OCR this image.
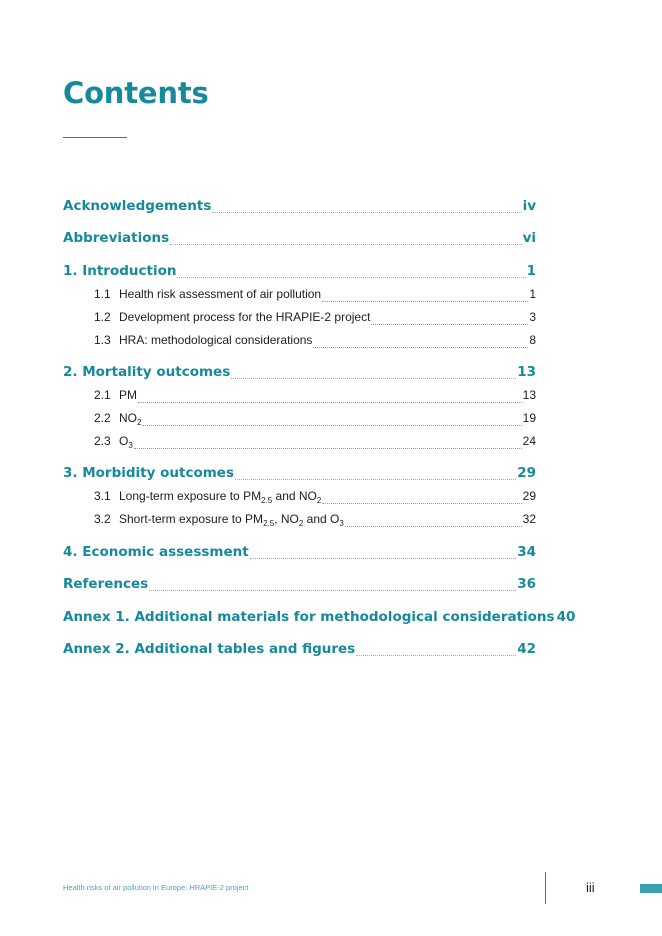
Contents
Acknowledgements	iv
Abbreviations	vi
1. Introduction	1
1.1 Health risk assessment of air pollution	1
1.2 Development process for the HRAPIE-2 project	3
1.3 HRA: methodological considerations	8
2. Mortality outcomes	13
2.1 PM	13
2.2 $NO_2$	19
2.3 $O_3$	24
3. Morbidity outcomes	29
3.1 Long-term exposure to $PM_{2.5}$ and $NO_2$	29
3.2 Short-term exposure to $PM_{2.5}$, $NO_2$ and $O_3$	32
4. Economic assessment	34
References	36
Annex 1. Additional materials for methodological considerations 40
Annex 2. Additional tables and figures	42
Health risks of air pollution in Europe: HRAPIE-2 project	iii
